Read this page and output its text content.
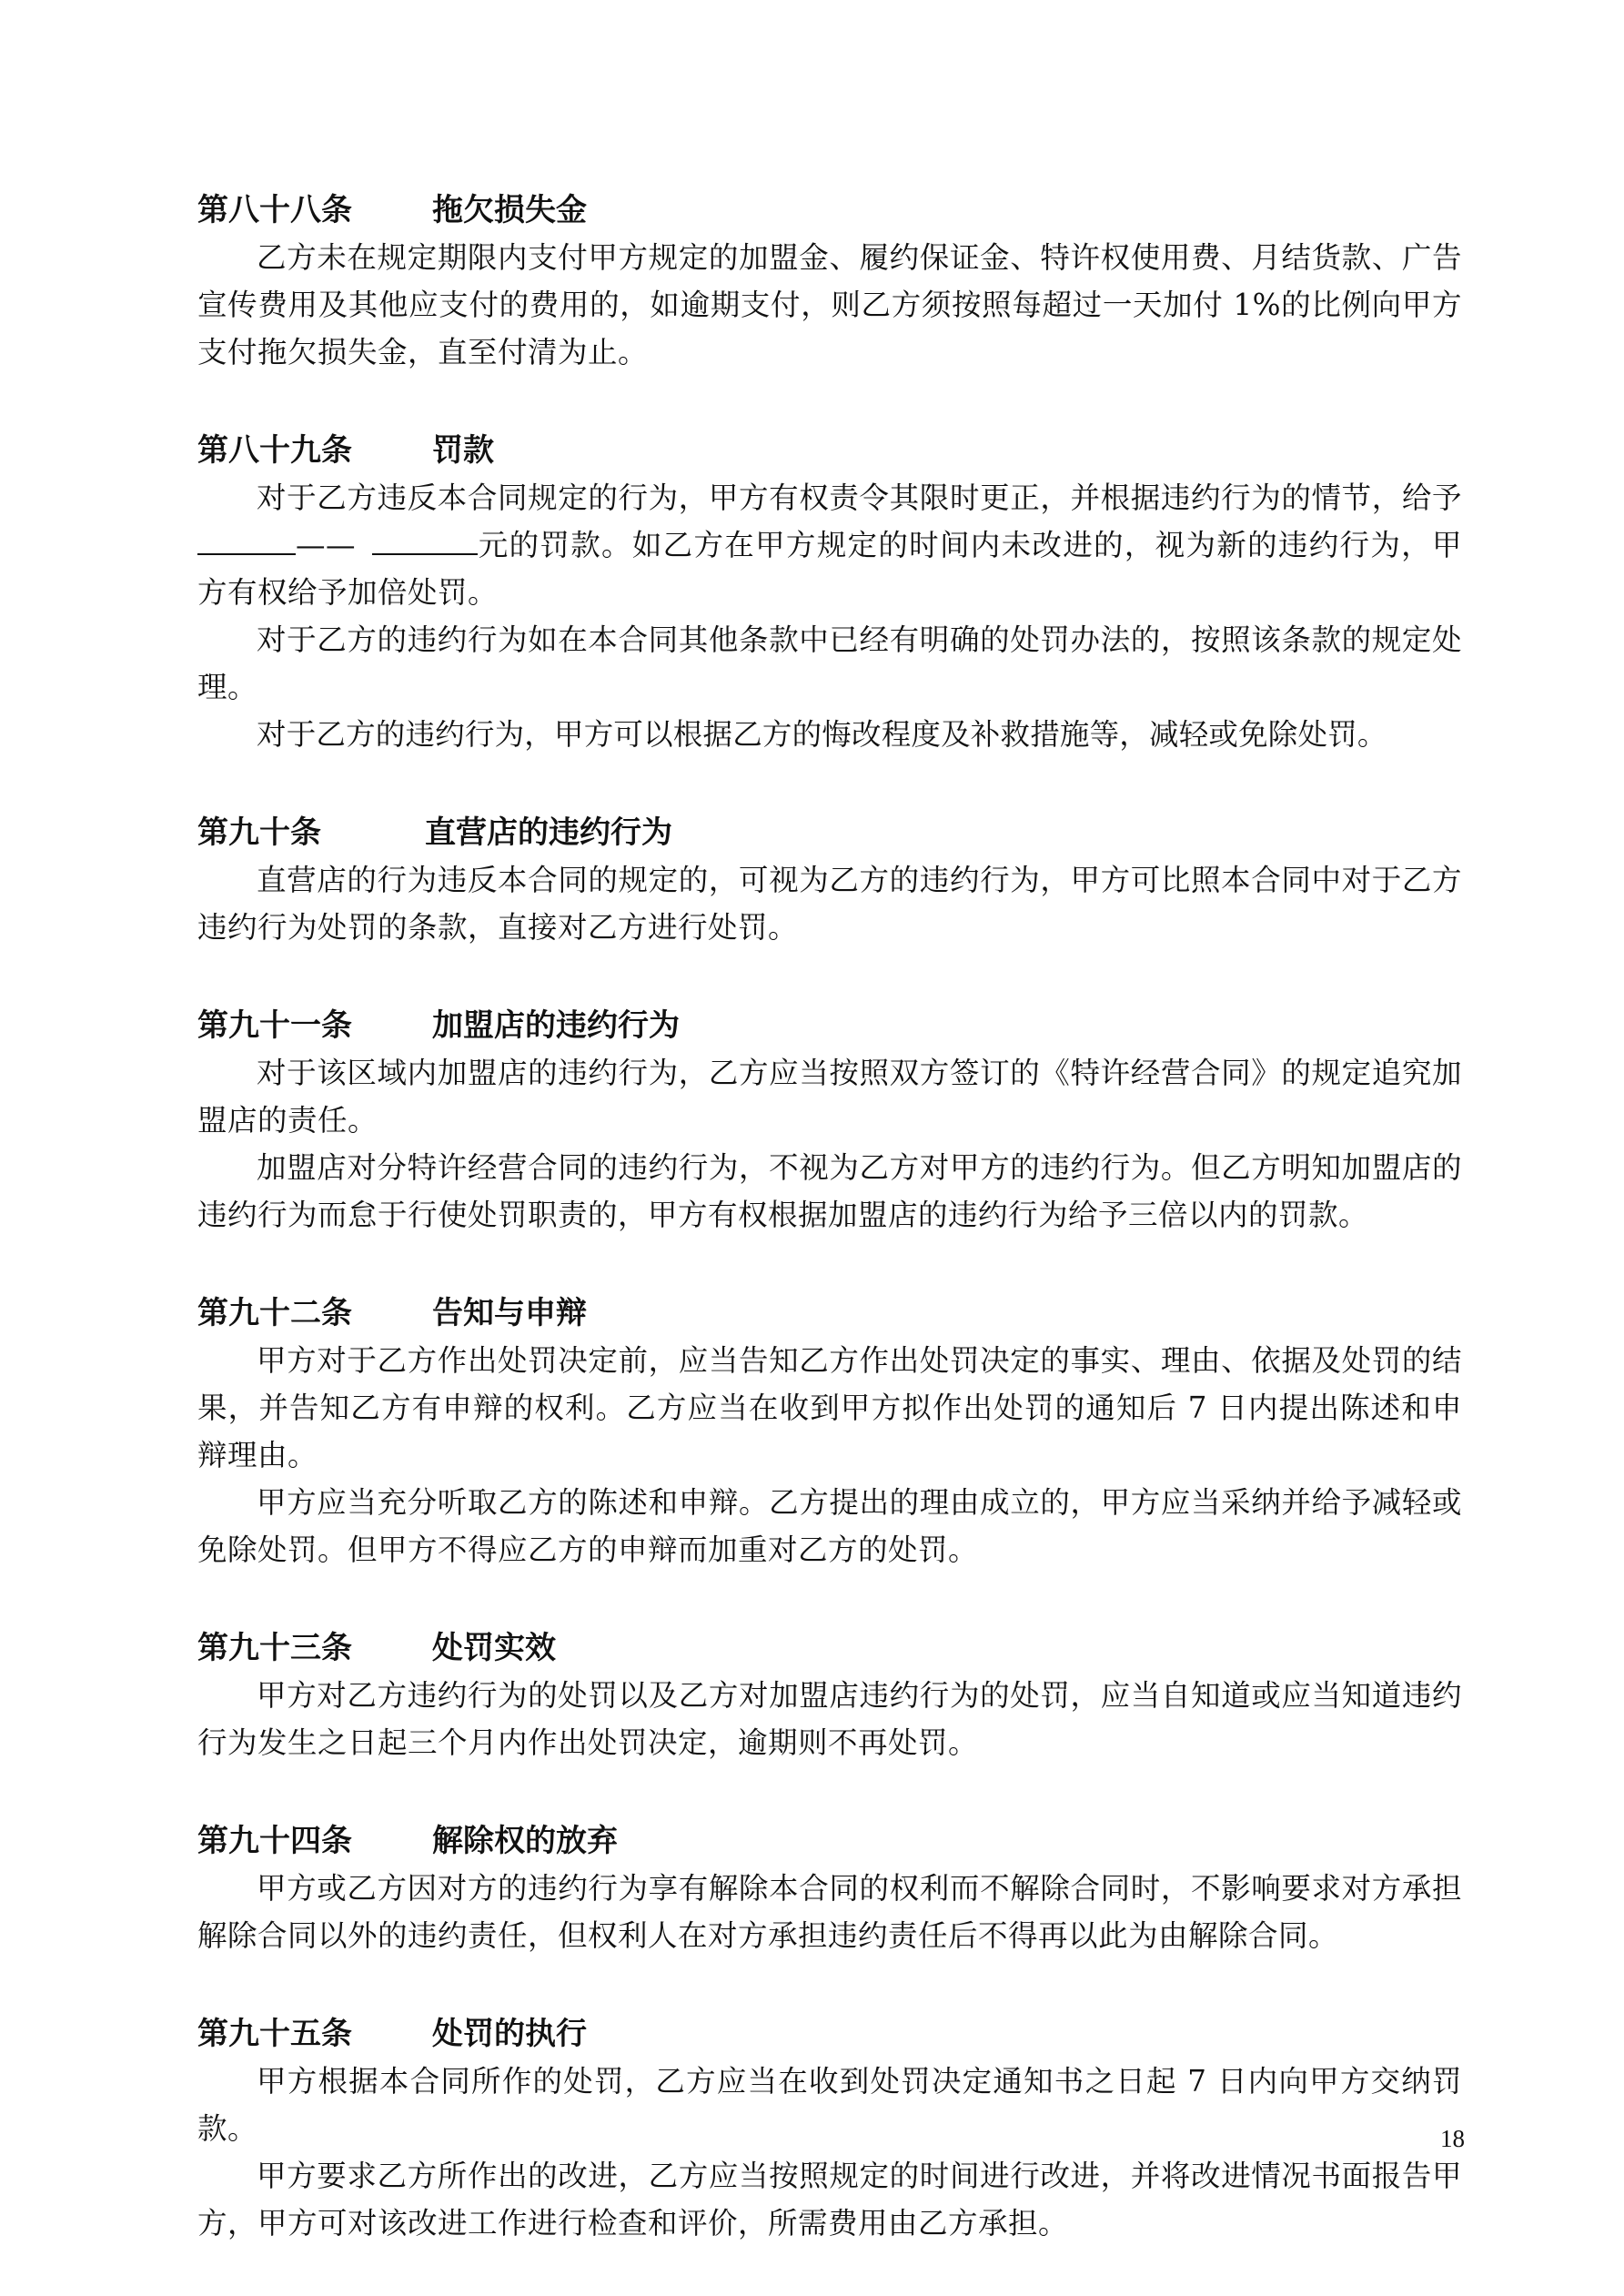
第八十八条	拖欠损失金

乙方未在规定期限内支付甲方规定的加盟金、履约保证金、特许权使用费、月结货款、广告宣传费用及其他应支付的费用的，如逾期支付，则乙方须按照每超过一天加付 1%的比例向甲方支付拖欠损失金，直至付清为止。

第八十九条	罚款

对于乙方违反本合同规定的行为，甲方有权责令其限时更正，并根据违约行为的情节，给予——	元的罚款。如乙方在甲方规定的时间内未改进的，视为新的违约行为，甲方有权给予加倍处罚。

对于乙方的违约行为如在本合同其他条款中已经有明确的处罚办法的，按照该条款的规定处理。

对于乙方的违约行为，甲方可以根据乙方的悔改程度及补救措施等，减轻或免除处罚。

第九十条	直营店的违约行为

直营店的行为违反本合同的规定的，可视为乙方的违约行为，甲方可比照本合同中对于乙方违约行为处罚的条款，直接对乙方进行处罚。

第九十一条	加盟店的违约行为

对于该区域内加盟店的违约行为，乙方应当按照双方签订的《特许经营合同》的规定追究加盟店的责任。

加盟店对分特许经营合同的违约行为，不视为乙方对甲方的违约行为。但乙方明知加盟店的违约行为而怠于行使处罚职责的，甲方有权根据加盟店的违约行为给予三倍以内的罚款。

第九十二条	告知与申辩

甲方对于乙方作出处罚决定前，应当告知乙方作出处罚决定的事实、理由、依据及处罚的结果，并告知乙方有申辩的权利。乙方应当在收到甲方拟作出处罚的通知后 7 日内提出陈述和申辩理由。

甲方应当充分听取乙方的陈述和申辩。乙方提出的理由成立的，甲方应当采纳并给予减轻或免除处罚。但甲方不得应乙方的申辩而加重对乙方的处罚。

第九十三条	处罚实效

甲方对乙方违约行为的处罚以及乙方对加盟店违约行为的处罚，应当自知道或应当知道违约行为发生之日起三个月内作出处罚决定，逾期则不再处罚。

第九十四条	解除权的放弃

甲方或乙方因对方的违约行为享有解除本合同的权利而不解除合同时，不影响要求对方承担解除合同以外的违约责任，但权利人在对方承担违约责任后不得再以此为由解除合同。

第九十五条	处罚的执行

甲方根据本合同所作的处罚，乙方应当在收到处罚决定通知书之日起 7 日内向甲方交纳罚款。

甲方要求乙方所作出的改进，乙方应当按照规定的时间进行改进，并将改进情况书面报告甲方，甲方可对该改进工作进行检查和评价，所需费用由乙方承担。

18
